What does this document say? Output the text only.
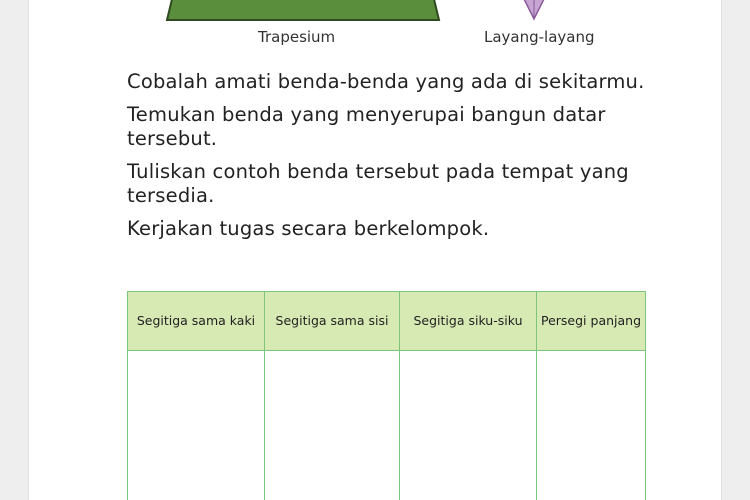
Trapesium	Layang-layang

Cobalah amati benda-benda yang ada di sekitarmu.

Temukan benda yang menyerupai bangun datar tersebut.

Tuliskan contoh benda tersebut pada tempat yang tersedia.

Kerjakan tugas secara berkelompok.

Segitiga sama kaki	Segitiga sama sisi	Segitiga siku-siku	Persegi panjang
